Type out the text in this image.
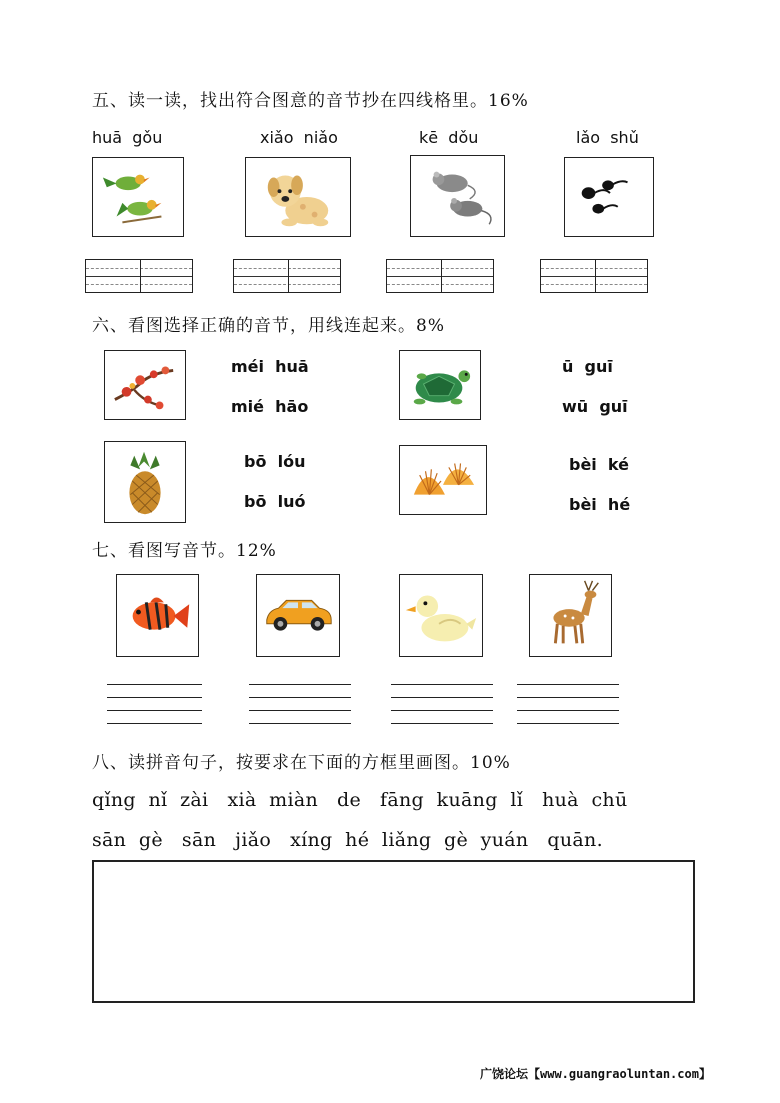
五、读一读，找出符合图意的音节抄在四线格里。16%
huā  gǒu	xiǎo  niǎo	kē  dǒu	lǎo  shǔ
六、看图选择正确的音节，用线连起来。8%
méi  huā
mié  hāo
ū  guī
wū  guī
bō  lóu
bō  luó
bèi  ké
bèi  hé
七、看图写音节。12%
八、读拼音句子，按要求在下面的方框里画图。10%
qǐng  nǐ  zài   xià  miàn   de   fāng  kuāng  lǐ   huà  chū
sān  gè   sān   jiǎo   xíng  hé  liǎng  gè  yuán   quān.
广饶论坛【www.guangraoluntan.com】
